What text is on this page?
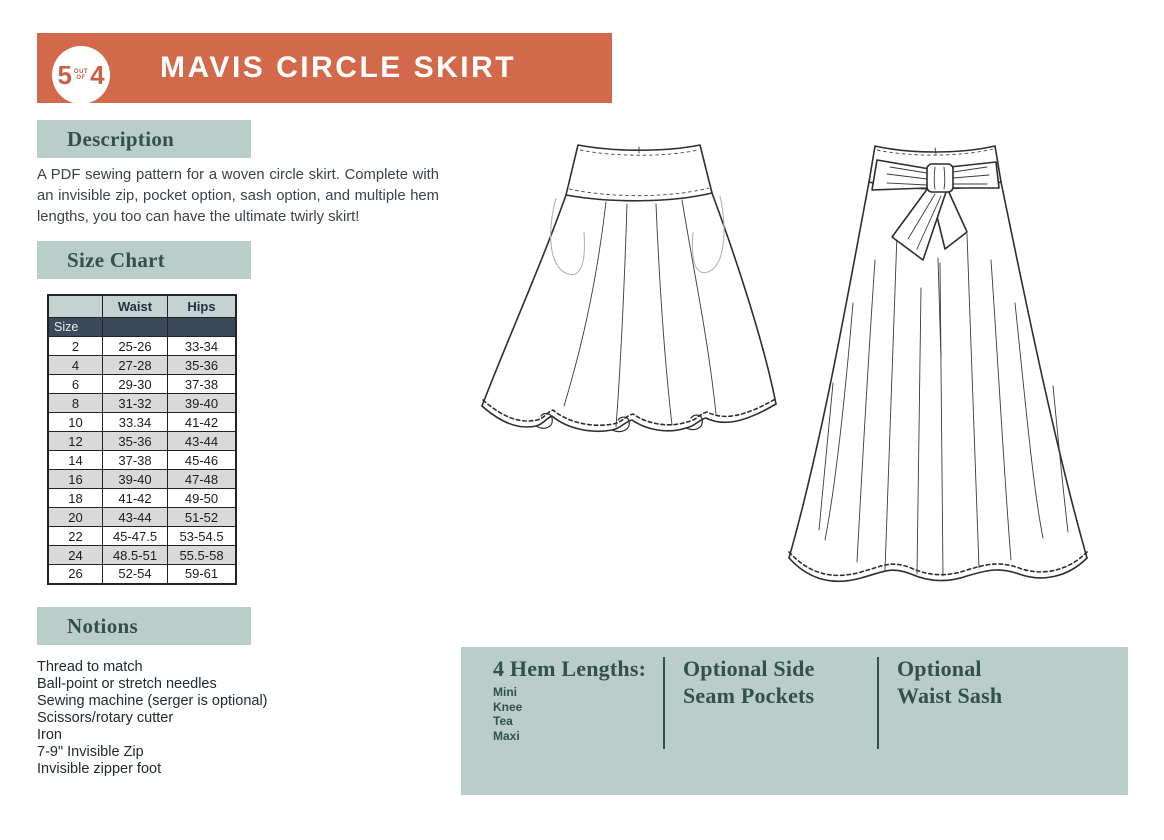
5 OUT
OF 4 MAVIS CIRCLE SKIRT
Description

A PDF sewing pattern for a woven circle skirt. Complete with an invisible zip, pocket option, sash option, and multiple hem lengths, you too can have the ultimate twirly skirt!

Size Chart
	Waist	Hips
Size		
2	25-26	33-34
4	27-28	35-36
6	29-30	37-38
8	31-32	39-40
10	33.34	41-42
12	35-36	43-44
14	37-38	45-46
16	39-40	47-48
18	41-42	49-50
20	43-44	51-52
22	45-47.5	53-54.5
24	48.5-51	55.5-58
26	52-54	59-61
Notions
Thread to match
Ball-point or stretch needles
Sewing machine (serger is optional)
Scissors/rotary cutter
Iron
7-9" Invisible Zip
Invisible zipper foot
4 Hem Lengths:
Mini
Knee
Tea
Maxi
Optional Side
Seam Pockets
Optional
Waist Sash
